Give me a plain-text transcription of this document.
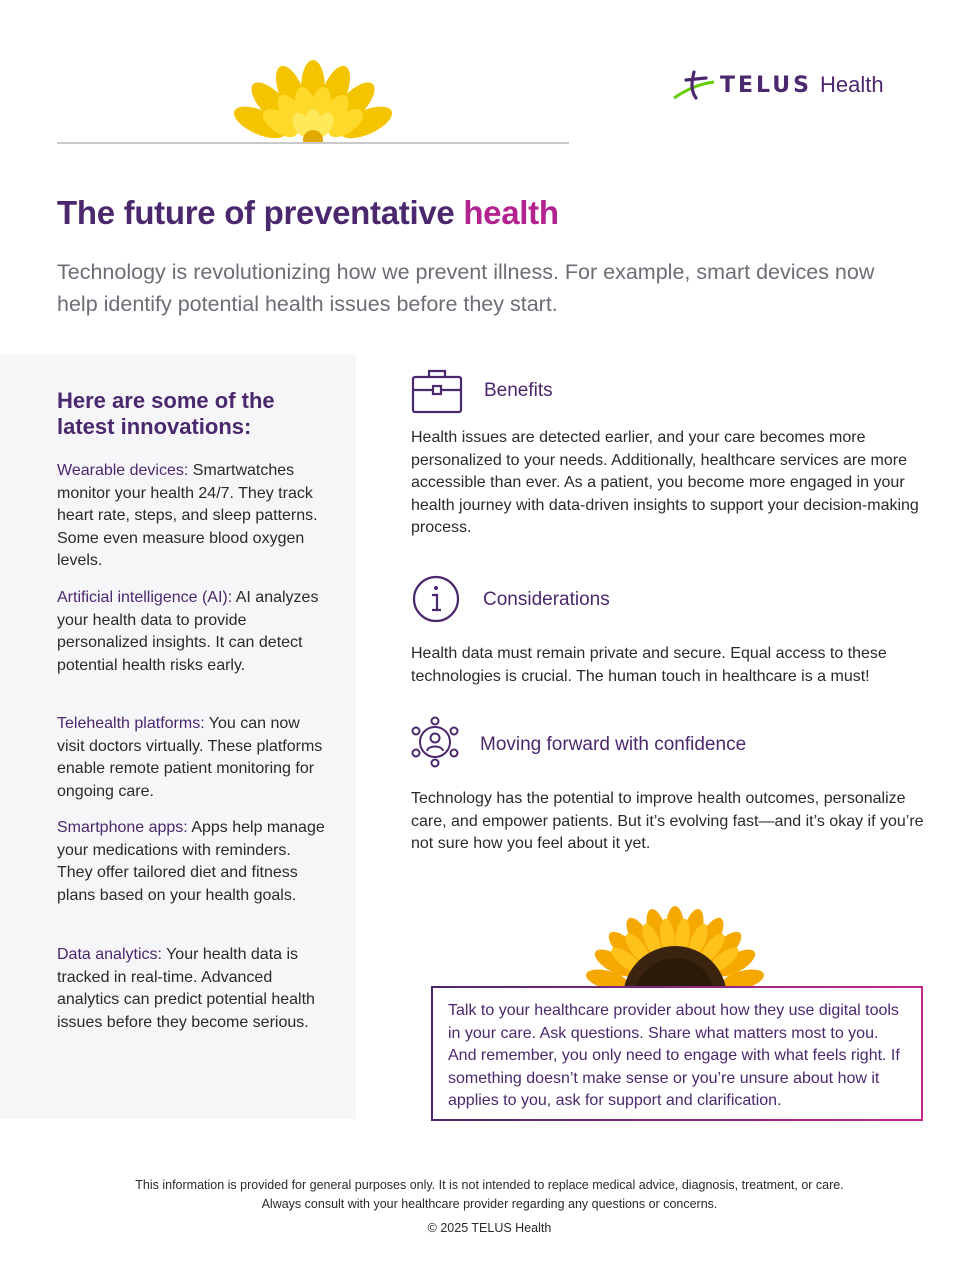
TELUS Health
The future of preventative health

Technology is revolutionizing how we prevent illness. For example, smart devices now help identify potential health issues before they start.

Here are some of the latest innovations:

Wearable devices: Smartwatches monitor your health 24/7. They track heart rate, steps, and sleep patterns. Some even measure blood oxygen levels.

Artificial intelligence (AI): AI analyzes your health data to provide personalized insights. It can detect potential health risks early.

Telehealth platforms: You can now visit doctors virtually. These platforms enable remote patient monitoring for ongoing care.

Smartphone apps: Apps help manage your medications with reminders. They offer tailored diet and fitness plans based on your health goals.

Data analytics: Your health data is tracked in real-time. Advanced analytics can predict potential health issues before they become serious.

Benefits

Health issues are detected earlier, and your care becomes more personalized to your needs. Additionally, healthcare services are more accessible than ever. As a patient, you become more engaged in your health journey with data-driven insights to support your decision-making process.

Considerations

Health data must remain private and secure. Equal access to these technologies is crucial. The human touch in healthcare is a must!

Moving forward with confidence

Technology has the potential to improve health outcomes, personalize care, and empower patients. But it’s evolving fast—and it’s okay if you’re not sure how you feel about it yet.

Talk to your healthcare provider about how they use digital tools in your care. Ask questions. Share what matters most to you. And remember, you only need to engage with what feels right. If something doesn’t make sense or you’re unsure about how it applies to you, ask for support and clarification.

This information is provided for general purposes only. It is not intended to replace medical advice, diagnosis, treatment, or care.
Always consult with your healthcare provider regarding any questions or concerns.
© 2025 TELUS Health
